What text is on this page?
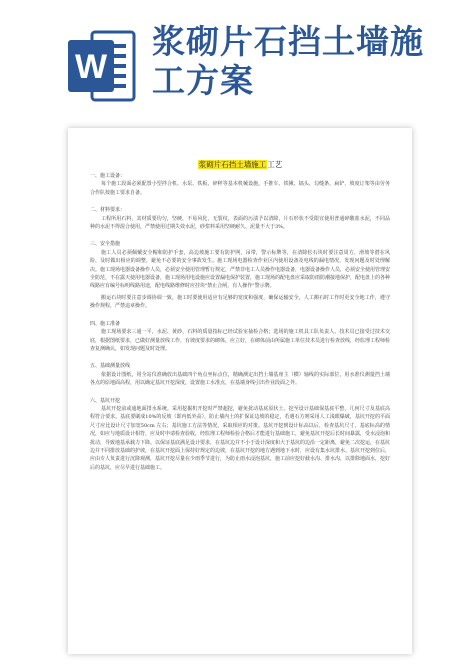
W
浆砌片石挡土墙施
工方案
浆砌片石挡土墙施工工艺
一、施工设备：
每个施工段面必须配置小型拌合机、水泵、铁板、碎秤等基本机械设施。手推车、铁锹、镐头、勾缝条，扁铲，坡度订架等由劳务合作队按施工要求自备。
二、材料要求：
工程所用石料，其材质要均匀，坚硬，不易风化，无裂纹，表面的污渍予以清除，片石形状不受限宜使用普通碎酸盐水泥，不同品种的水泥不得混合使用，严禁使用过期失效水泥，砂浆料采用坚硬耐久、泥量不大于3%。
三、安全措施
施工人员必须佩戴安全帽和防护手套，高边坡施工要有防护网，吊带，警示标牌等，在清除松石块时要注意周方，滑坡等潜在风险，及时做出相应的调整，避免不必要的安全事故发生。施工现场电器检查作业区内使用设备及电线的漏电情况，发现问题及时处理解决。施工现场电器设备操作人员，必须安全使用管理暂行规定，严禁非电工人员操作电器设备，电器设备操作人员，必须安全使用管理安全防范，不在露天使用电器设备，施工现场用电设施应设置漏电保护装置，施工现场的配电盘应采取防雨防潮接地保护，配电盘上的各种线路应有编号标明线路用途，配电线路维修时应挂块"禁止合闸，有人操作"警示牌。
搬运石块时要注意步调协调一致，施工时要使用适应有足够的宽度和强度，确保运输安全，人工搬石时工作时更安全地工作，遵守操作规程，严禁违章操作。
四、施工准备
施工现场要求三通一平，水泥、黄砂、石料的质量指标已经试验室抽检合格；选场的施工机具工队负责人、技术员已接受过技术交底，根据图纸要求，已做好测量放线工作，有坡度要求的砌体，应立好，在砌体前由所属施工单位技术员进行检查放线，经监理工程师检查复测确认，如发现问题及时处理。
五、基础测量放线
依据设计图纸，用全站仪准确放出基础四个角点坐标点位，精确测定出挡土墙基座主（横）轴线的实际部位，用水准仪测量挡土墙各点的原地面高程，用以确定基坑开挖深度，设置施工水准点，在基墙身线引出作业段面之外。
六、基坑开挖
基坑开挖前或通地面排水系统。采用挖掘机开挖时严禁超挖，避免扰动基底原状土。挖至设计基础保基底平整，几何尺寸及基底高程符合要求。基底要刷成10%的反坡（即内低外高），防止墙内土的扩保证边坡的稳定，若遇石方则采用人工浅眼爆破，基坑开挖的平面尺寸应比设计尺寸加宽50cm 左右；基坑施工方法等情况，采取相应的对策。基坑开挖到设计标高以后，检查基坑尺寸，基底标高的情况，如应与地质设计相符，应及时申请检查验收，经监理工程师检验合格后才能进行基础施工，避免基坑开挖后长时间暴露，受水浸泡和扰动，导致地基承载力下降。以保证基底满足设计要求，在基坑边并不小于设计深度和大于基坑的边沿一定距离，避免二次挖运，在基坑边并不同排放基础的护坡，在基坑开挖面上保持好规定的边坡，在基坑开挖的地方遇到地下水时，应设有集水坑排水。基坑开挖到位后，应由专人负责进行沉降观测，基坑开挖尽量在少雨季节进行，为防止雨水浸泡基坑，施工前应挖好截水沟、排水沟，以排除地面水，挖好后的基坑，应尽早进行基础施工。
